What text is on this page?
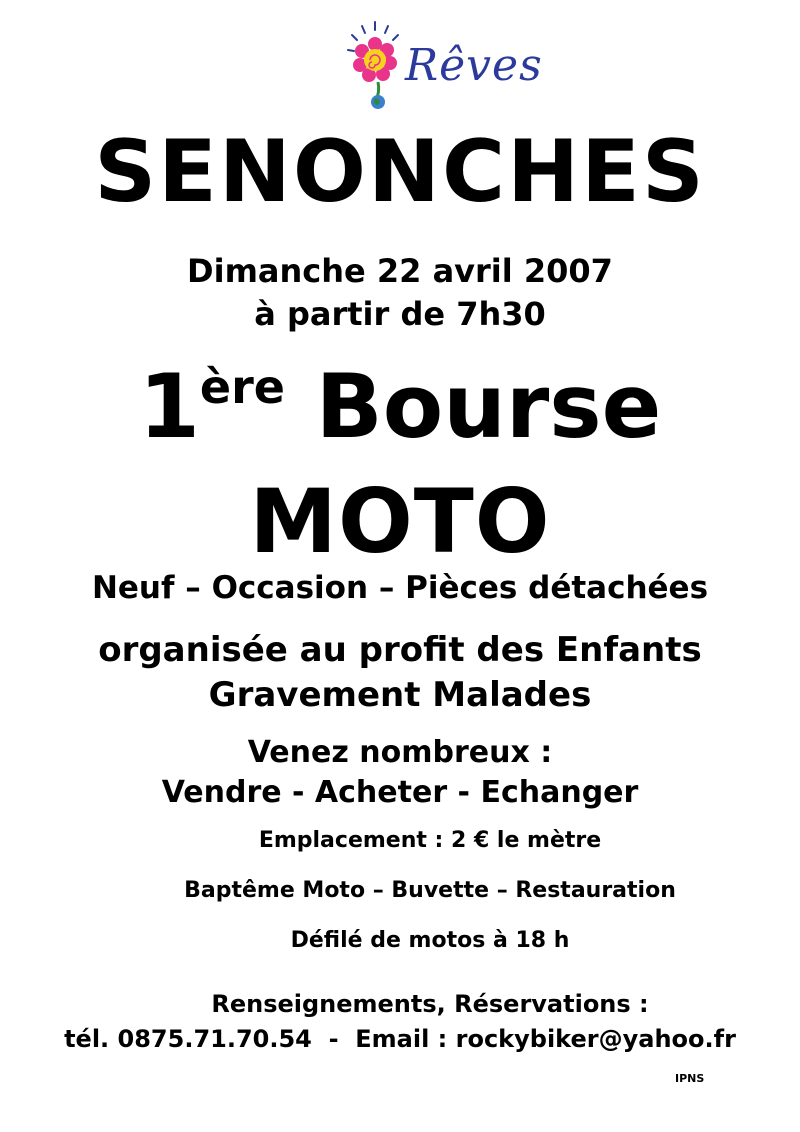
Rêves
SENONCHES
Dimanche 22 avril 2007
à partir de 7h30
1ère Bourse
MOTO
Neuf – Occasion – Pièces détachées
organisée au profit des Enfants
Gravement Malades
Venez nombreux :
Vendre - Acheter - Echanger
Emplacement : 2 € le mètre
Baptême Moto – Buvette – Restauration
Défilé de motos à 18 h
Renseignements, Réservations :
tél. 0875.71.70.54  -  Email : rockybiker@yahoo.fr
IPNS
